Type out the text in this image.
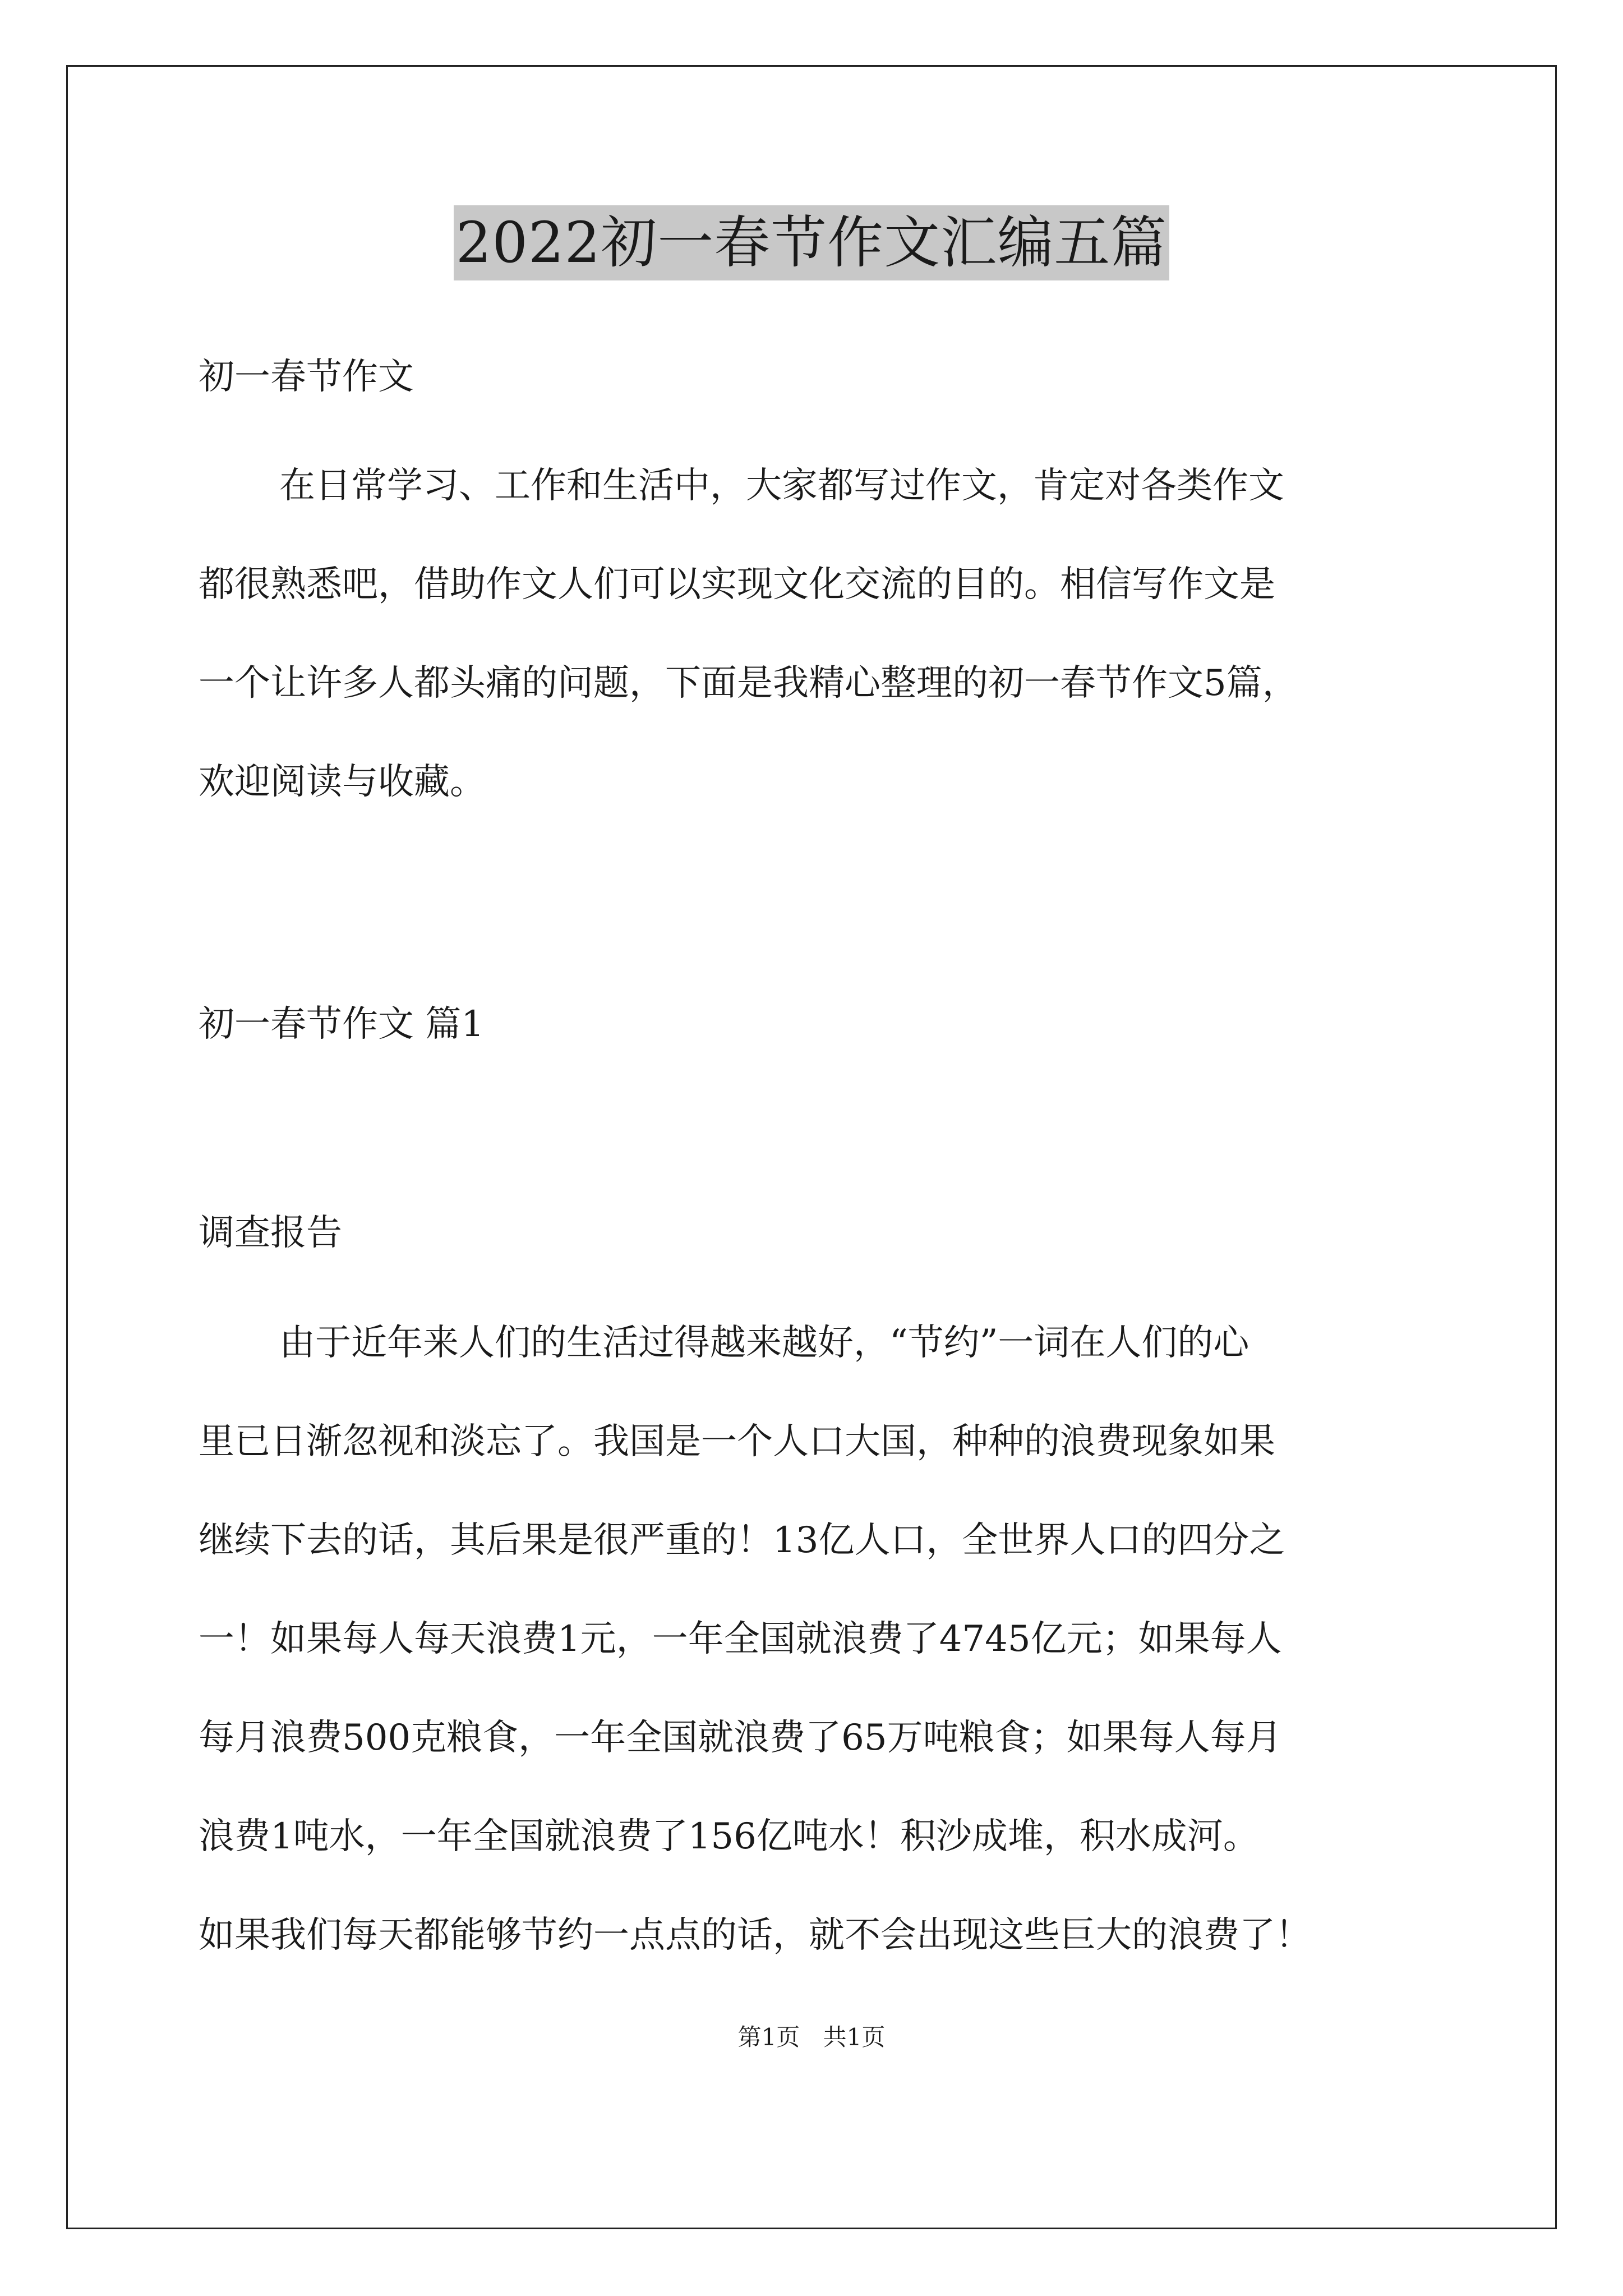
2022初一春节作文汇编五篇
初一春节作文
在日常学习、工作和生活中，大家都写过作文，肯定对各类作文
都很熟悉吧，借助作文人们可以实现文化交流的目的。相信写作文是
一个让许多人都头痛的问题，下面是我精心整理的初一春节作文5篇，
欢迎阅读与收藏。
初一春节作文 篇1
调查报告
由于近年来人们的生活过得越来越好，“节约”一词在人们的心
里已日渐忽视和淡忘了。我国是一个人口大国，种种的浪费现象如果
继续下去的话，其后果是很严重的！13亿人口，全世界人口的四分之
一！如果每人每天浪费1元，一年全国就浪费了4745亿元；如果每人
每月浪费500克粮食，一年全国就浪费了65万吨粮食；如果每人每月
浪费1吨水，一年全国就浪费了156亿吨水！积沙成堆，积水成河。
如果我们每天都能够节约一点点的话，就不会出现这些巨大的浪费了！
第1页 共1页
